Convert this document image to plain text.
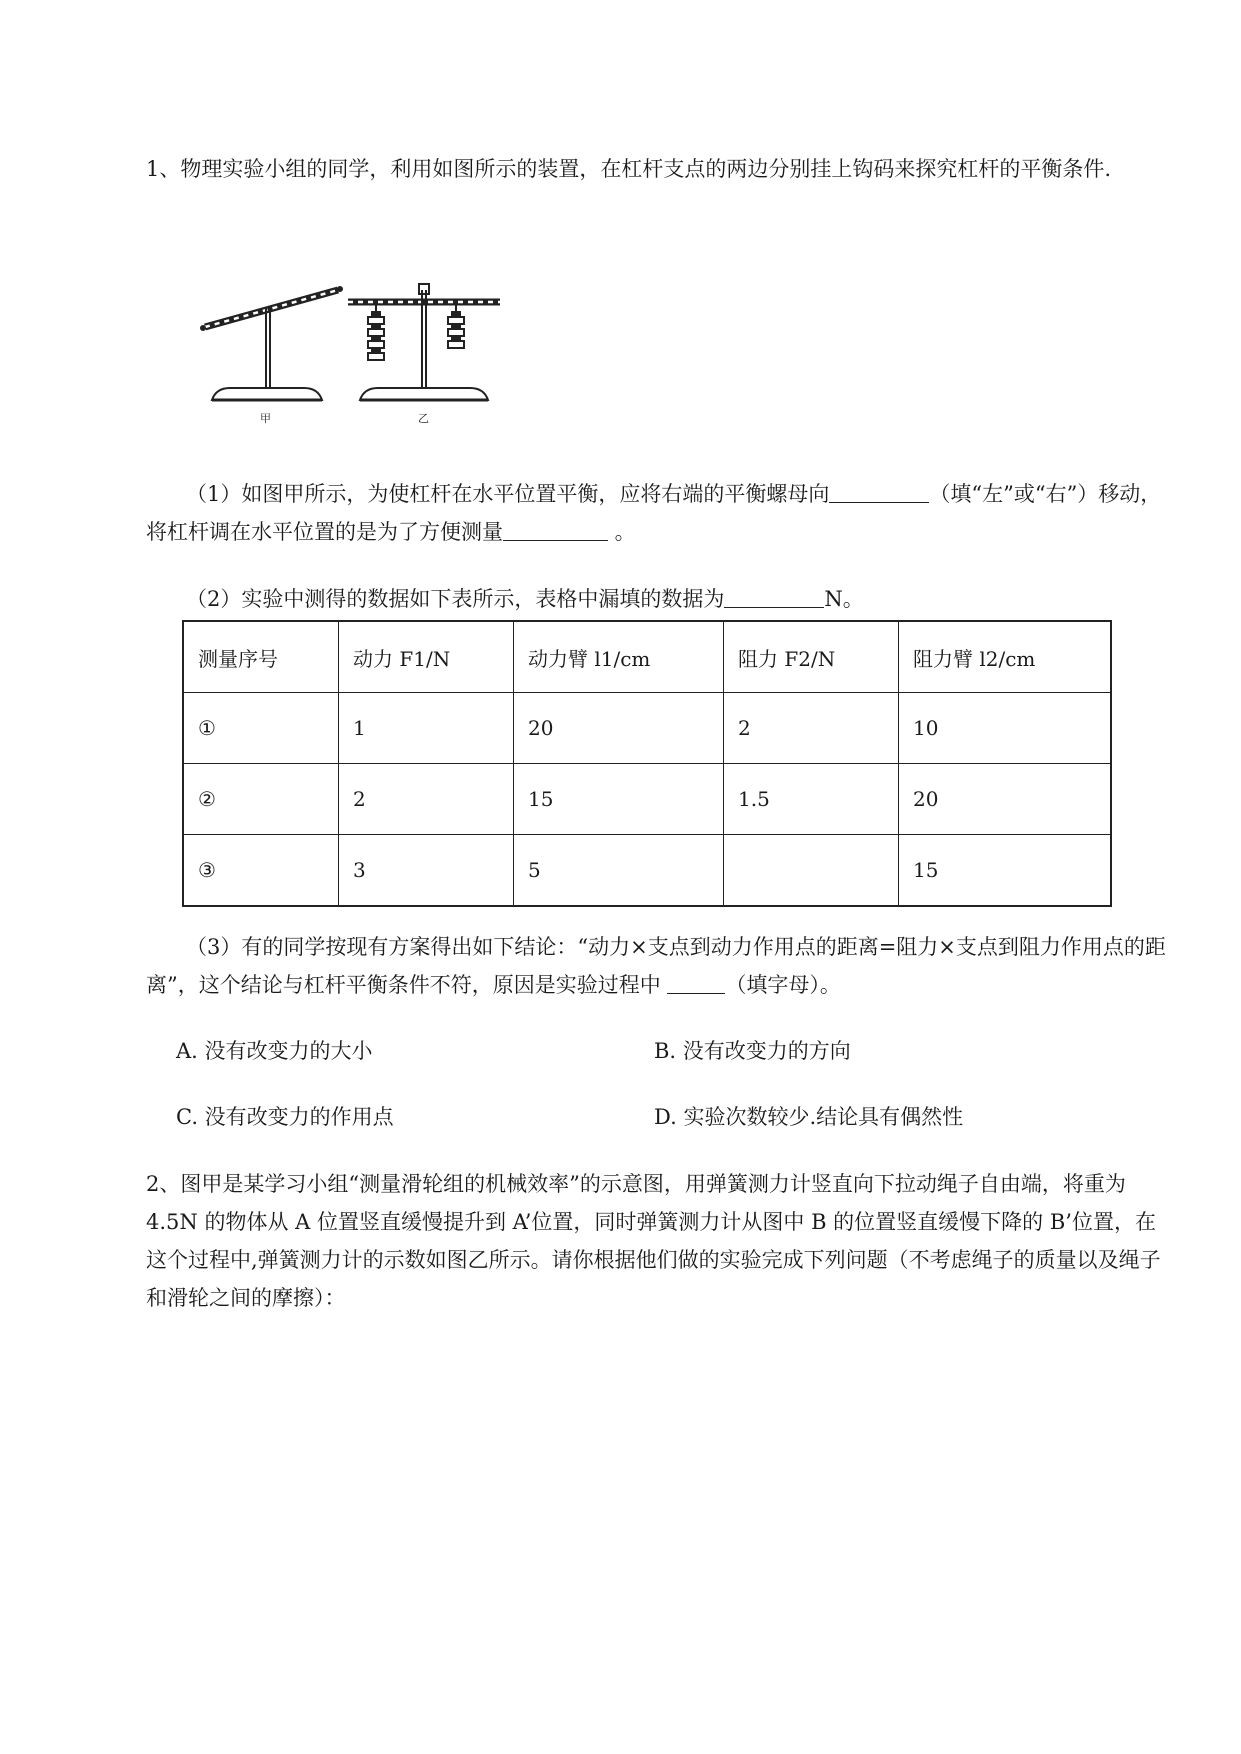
1、物理实验小组的同学，利用如图所示的装置，在杠杆支点的两边分别挂上钩码来探究杠杆的平衡条件.

甲	乙

（1）如图甲所示，为使杠杆在水平位置平衡，应将右端的平衡螺母向	（填“左”或“右”）移动，将杠杆调在水平位置的是为了方便测量	。

（2）实验中测得的数据如下表所示，表格中漏填的数据为	N。

测量序号	动力 F1/N	动力臂 l1/cm	阻力 F2/N	阻力臂 l2/cm
①	1	20	2	10
②	2	15	1.5	20
③	3	5		15

（3）有的同学按现有方案得出如下结论：“动力×支点到动力作用点的距离=阻力×支点到阻力作用点的距离”，这个结论与杠杆平衡条件不符，原因是实验过程中	（填字母）。

A. 没有改变力的大小	B. 没有改变力的方向
C. 没有改变力的作用点	D. 实验次数较少.结论具有偶然性

2、图甲是某学习小组“测量滑轮组的机械效率”的示意图，用弹簧测力计竖直向下拉动绳子自由端，将重为 4.5N 的物体从 A 位置竖直缓慢提升到 A’位置，同时弹簧测力计从图中 B 的位置竖直缓慢下降的 B’位置，在这个过程中,弹簧测力计的示数如图乙所示。请你根据他们做的实验完成下列问题（不考虑绳子的质量以及绳子和滑轮之间的摩擦）：
